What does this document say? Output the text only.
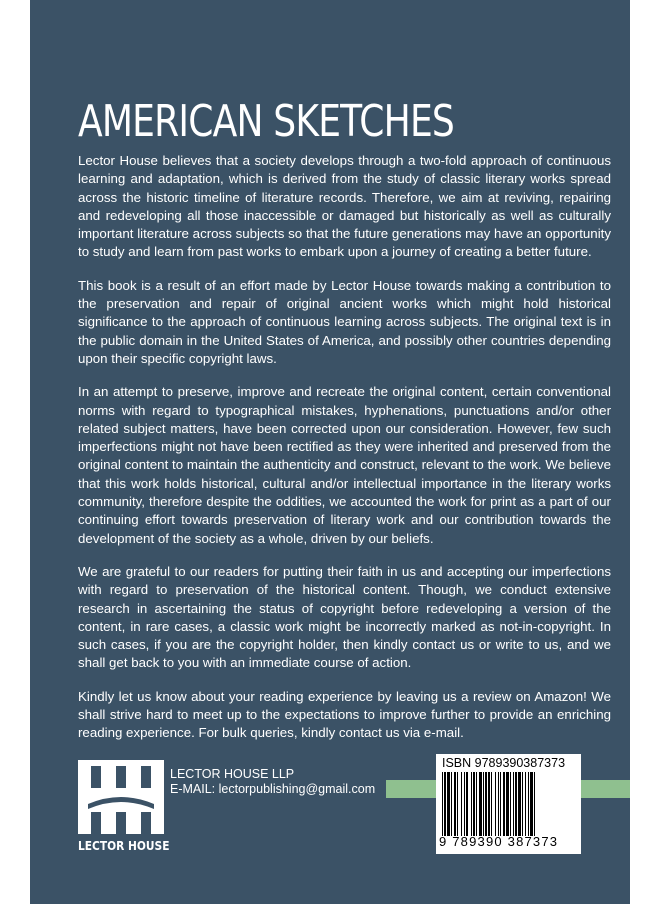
AMERICAN SKETCHES

Lector House believes that a society develops through a two-fold approach of continuous learning and adaptation, which is derived from the study of classic literary works spread across the historic timeline of literature records. Therefore, we aim at reviving, repairing and redeveloping all those inaccessible or damaged but historically as well as culturally important literature across subjects so that the future generations may have an opportunity to study and learn from past works to embark upon a journey of creating a better future.

This book is a result of an effort made by Lector House towards making a contribution to the preservation and repair of original ancient works which might hold historical significance to the approach of continuous learning across subjects. The original text is in the public domain in the United States of America, and possibly other countries depending upon their specific copyright laws.

In an attempt to preserve, improve and recreate the original content, certain conventional norms with regard to typographical mistakes, hyphenations, punctuations and/or other related subject matters, have been corrected upon our consideration. However, few such imperfections might not have been rectified as they were inherited and preserved from the original content to maintain the authenticity and construct, relevant to the work. We believe that this work holds historical, cultural and/or intellectual importance in the literary works community, therefore despite the oddities, we accounted the work for print as a part of our continuing effort towards preservation of literary work and our contribution towards the development of the society as a whole, driven by our beliefs.

We are grateful to our readers for putting their faith in us and accepting our imperfections with regard to preservation of the historical content. Though, we conduct extensive research in ascertaining the status of copyright before redeveloping a version of the content, in rare cases, a classic work might be incorrectly marked as not-in-copyright. In such cases, if you are the copyright holder, then kindly contact us or write to us, and we shall get back to you with an immediate course of action.

Kindly let us know about your reading experience by leaving us a review on Amazon! We shall strive hard to meet up to the expectations to improve further to provide an enriching reading experience. For bulk queries, kindly contact us via e-mail.

LECTOR HOUSE
LECTOR HOUSE LLP
E-MAIL: lectorpublishing@gmail.com
ISBN 9789390387373
9 789390 387373
